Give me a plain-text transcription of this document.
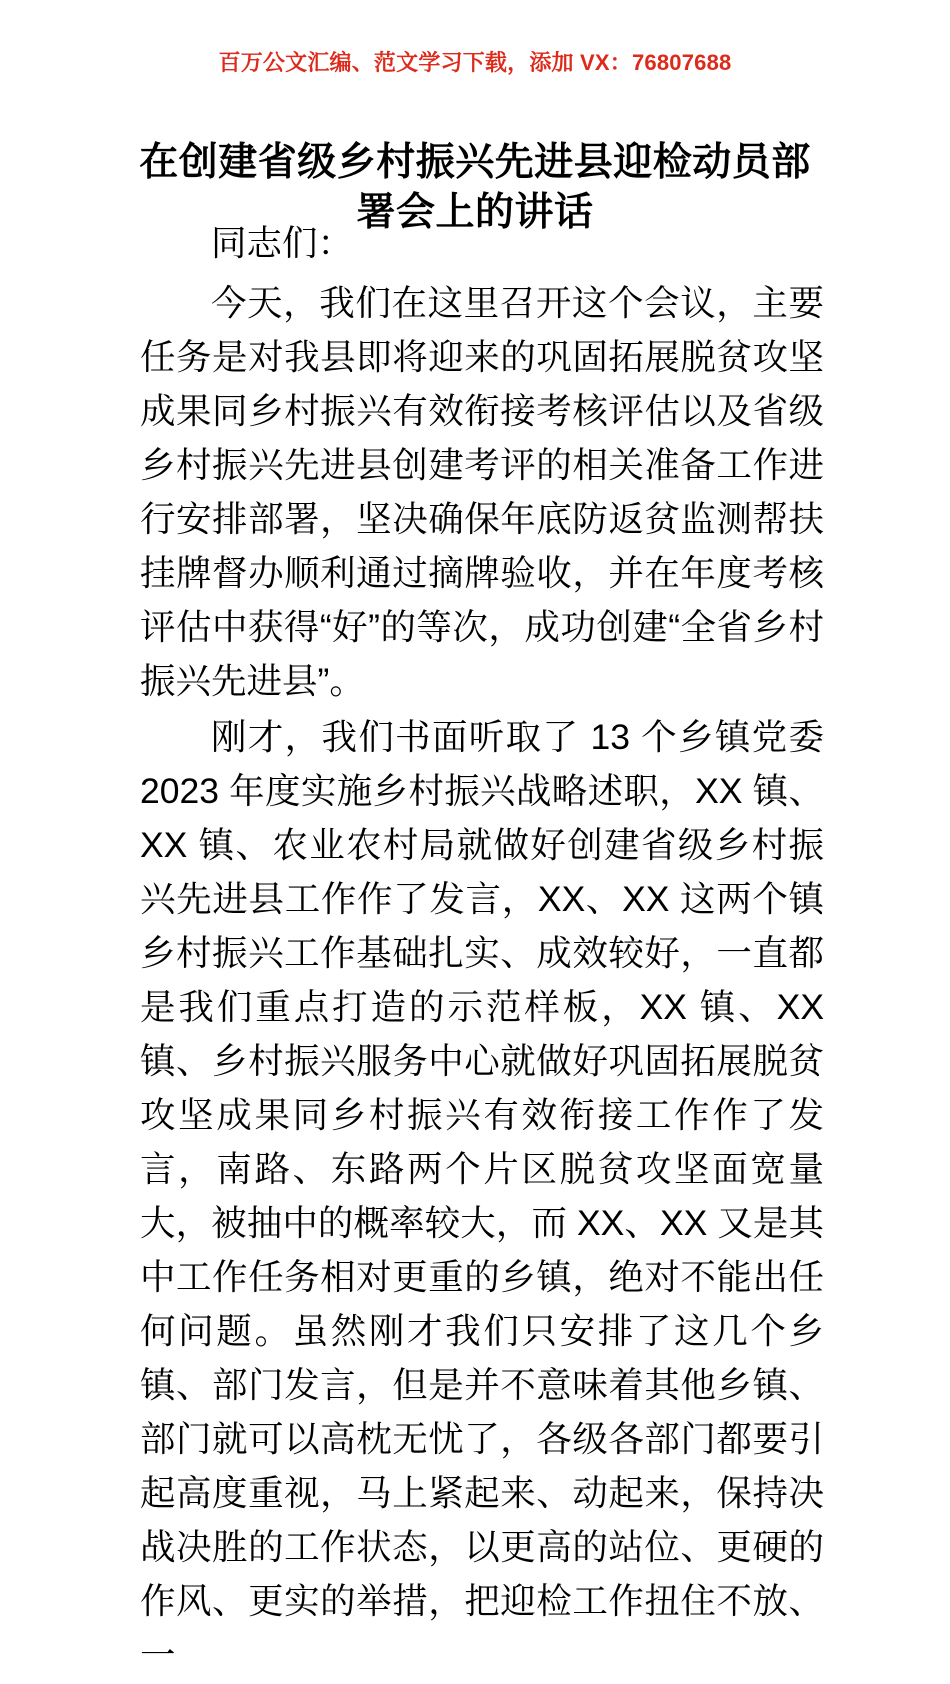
百万公文汇编、范文学习下载，添加 VX：76807688
在创建省级乡村振兴先进县迎检动员部署会上的讲话

同志们：

今天，我们在这里召开这个会议，主要任务是对我县即将迎来的巩固拓展脱贫攻坚成果同乡村振兴有效衔接考核评估以及省级乡村振兴先进县创建考评的相关准备工作进行安排部署，坚决确保年底防返贫监测帮扶挂牌督办顺利通过摘牌验收，并在年度考核评估中获得“好”的等次，成功创建“全省乡村振兴先进县”。

刚才，我们书面听取了 13 个乡镇党委 2023 年度实施乡村振兴战略述职，XX 镇、XX 镇、农业农村局就做好创建省级乡村振兴先进县工作作了发言，XX、XX 这两个镇乡村振兴工作基础扎实、成效较好，一直都是我们重点打造的示范样板，XX 镇、XX 镇、乡村振兴服务中心就做好巩固拓展脱贫攻坚成果同乡村振兴有效衔接工作作了发言，南路、东路两个片区脱贫攻坚面宽量大，被抽中的概率较大，而 XX、XX 又是其中工作任务相对更重的乡镇，绝对不能出任何问题。虽然刚才我们只安排了这几个乡镇、部门发言，但是并不意味着其他乡镇、部门就可以高枕无忧了，各级各部门都要引起高度重视，马上紧起来、动起来，保持决战决胜的工作状态，以更高的站位、更硬的作风、更实的举措，把迎检工作扭住不放、一
